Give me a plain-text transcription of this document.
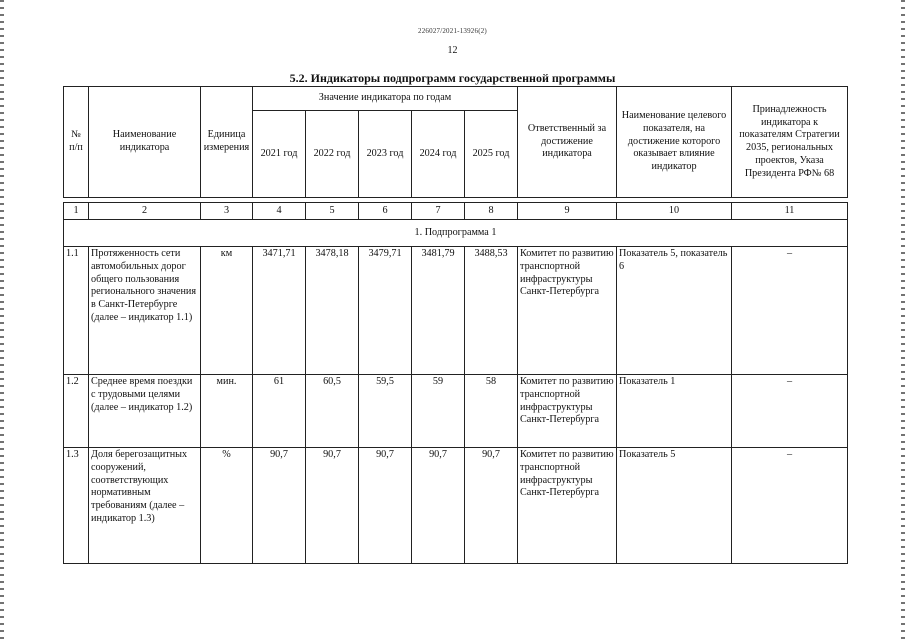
226027/2021-13926(2)
12
5.2. Индикаторы подпрограмм государственной программы
№ п/п	Наименование индикатора	Единица измерения	Значение индикатора по годам					Ответственный за достижение индикатора	Наименование целевого показателя, на достижение которого оказывает влияние индикатор	Принадлежность индикатора к показателям Стратегии 2035, региональных проектов, Указа Президента РФ№ 68
			2021 год	2022 год	2023 год	2024 год	2025 год			

1	2	3	4	5	6	7	8	9	10	11
1. Подпрограмма 1										
1.1	Протяженность сети автомобильных дорог общего пользования регионального значения в Санкт-Петербурге (далее – индикатор 1.1)	км	3471,71	3478,18	3479,71	3481,79	3488,53	Комитет по развитию транспортной инфраструктуры Санкт-Петербурга	Показатель 5, показатель 6	–
1.2	Среднее время поездки с трудовыми целями (далее – индикатор 1.2)	мин.	61	60,5	59,5	59	58	Комитет по развитию транспортной инфраструктуры Санкт-Петербурга	Показатель 1	–
1.3	Доля берегозащитных сооружений, соответствующих нормативным требованиям (далее – индикатор 1.3)	%	90,7	90,7	90,7	90,7	90,7	Комитет по развитию транспортной инфраструктуры Санкт-Петербурга	Показатель 5	–
